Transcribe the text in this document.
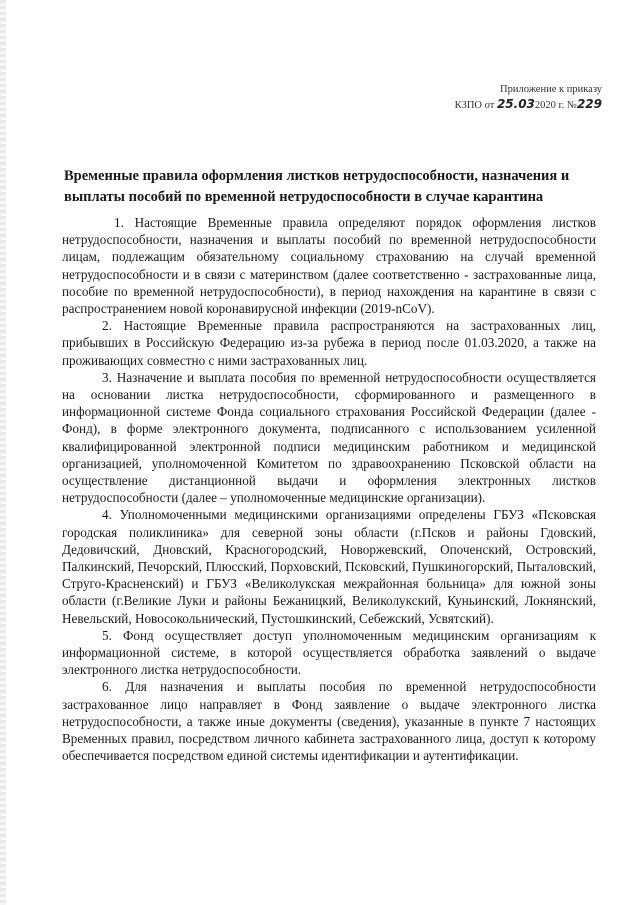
Приложение к приказу
КЗПО от 25.032020 г. №229
Временные правила оформления листков нетрудоспособности, назначения и выплаты пособий по временной нетрудоспособности в случае карантина

1. Настоящие Временные правила определяют порядок оформления листков нетрудоспособности, назначения и выплаты пособий по временной нетрудоспособности лицам, подлежащим обязательному социальному страхованию на случай временной нетрудоспособности и в связи с материнством (далее соответственно - застрахованные лица, пособие по временной нетрудоспособности), в период нахождения на карантине в связи с распространением новой коронавирусной инфекции (2019-nCoV).

2. Настоящие Временные правила распространяются на застрахованных лиц, прибывших в Российскую Федерацию из-за рубежа в период после 01.03.2020, а также на проживающих совместно с ними застрахованных лиц.

3. Назначение и выплата пособия по временной нетрудоспособности осуществляется на основании листка нетрудоспособности, сформированного и размещенного в информационной системе Фонда социального страхования Российской Федерации (далее - Фонд), в форме электронного документа, подписанного с использованием усиленной квалифицированной электронной подписи медицинским работником и медицинской организацией, уполномоченной Комитетом по здравоохранению Псковской области на осуществление дистанционной выдачи и оформления электронных листков нетрудоспособности (далее – уполномоченные медицинские организации).

4. Уполномоченными медицинскими организациями определены ГБУЗ «Псковская городская поликлиника» для северной зоны области (г.Псков и районы Гдовский, Дедовичский, Дновский, Красногородский, Новоржевский, Опоченский, Островский, Палкинский, Печорский, Плюсский, Порховский, Псковский, Пушкиногорский, Пыталовский, Струго-Красненский) и ГБУЗ «Великолукская межрайонная больница» для южной зоны области (г.Великие Луки и районы Бежаницкий, Великолукский, Куньинский, Локнянский, Невельский, Новосокольнический, Пустошкинский, Себежский, Усвятский).

5. Фонд осуществляет доступ уполномоченным медицинским организациям к информационной системе, в которой осуществляется обработка заявлений о выдаче электронного листка нетрудоспособности.

6. Для назначения и выплаты пособия по временной нетрудоспособности застрахованное лицо направляет в Фонд заявление о выдаче электронного листка нетрудоспособности, а также иные документы (сведения), указанные в пункте 7 настоящих Временных правил, посредством личного кабинета застрахованного лица, доступ к которому обеспечивается посредством единой системы идентификации и аутентификации.
